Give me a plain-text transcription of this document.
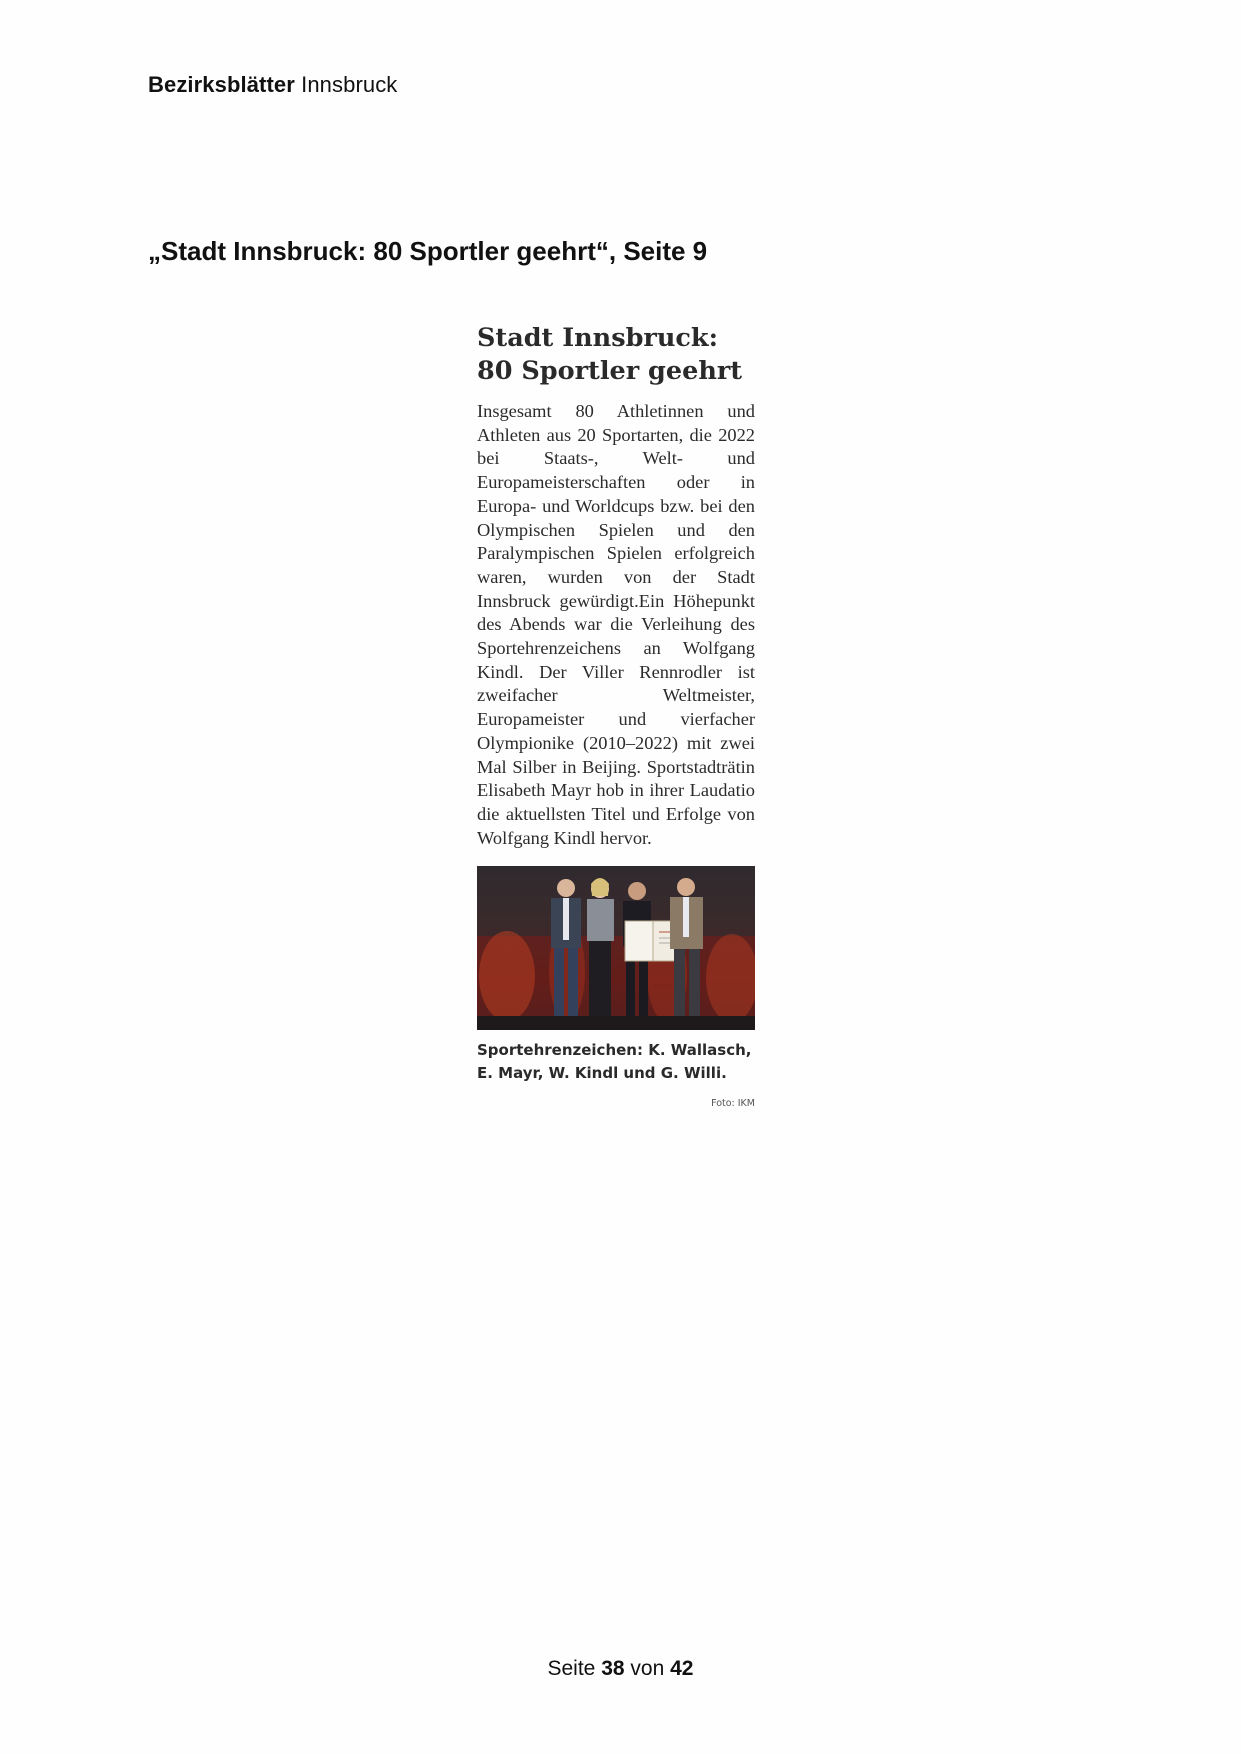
Bezirksblätter Innsbruck
„Stadt Innsbruck: 80 Sportler geehrt“, Seite 9
Stadt Innsbruck:
80 Sportler geehrt

Insgesamt 80 Athletinnen und Athleten aus 20 Sportarten, die 2022 bei Staats-, Welt- und Europameisterschaften oder in Europa- und Worldcups bzw. bei den Olympischen Spielen und den Paralympischen Spielen erfolgreich waren, wurden von der Stadt Innsbruck gewürdigt.Ein Höhepunkt des Abends war die Verleihung des Sportehrenzeichens an Wolfgang Kindl. Der Viller Rennrodler ist zweifacher Weltmeister, Europameister und vierfacher Olympionike (2010–2022) mit zwei Mal Silber in Beijing. Sportstadträtin Elisabeth Mayr hob in ihrer Laudatio die aktuellsten Titel und Erfolge von Wolfgang Kindl hervor.

Sportehrenzeichen: K. Wallasch, E. Mayr, W. Kindl und G. Willi.
Foto: IKM
Seite 38 von 42
